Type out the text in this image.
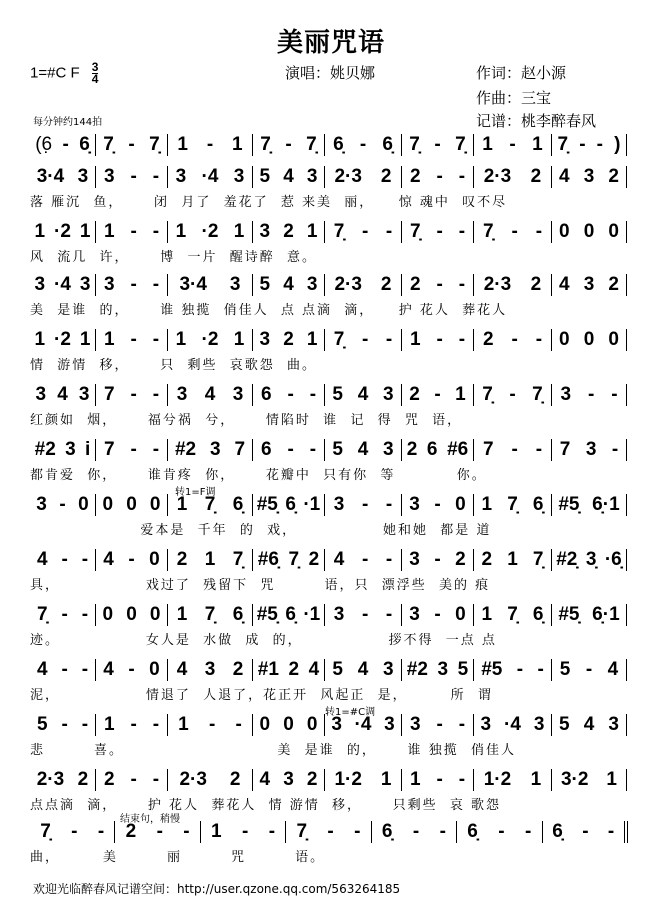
美丽咒语
1=#C F $\frac{3}{4}$	演唱：姚贝娜	作词：赵小源
作曲：三宝
记谱：桃李醉春风
每分钟约144拍
(6̣ - 6̣ 7̣ - 7̣ 1 - 1 7̣ - 7̣ 6̣ - 6̣ 7̣ - 7̣ 1 - 1 7̣ - - )
3·4 3 3 - - 3 ·4 3 5 4 3 2·3 2 2 - - 2·3 2 4 3 2
落 雁沉  鱼，     闭  月了  羞花了  惹 来美  丽，    惊 魂中  叹不尽
1 ·2 1 1 - - 1 ·2 1 3 2 1 7̣ - - 7̣ - - 7̣ - - 0 0 0
风  流几  许，     博  一片  醒诗醉  意。
3 ·4 3 3 - - 3·4 3 5 4 3 2·3 2 2 - - 2·3 2 4 3 2
美  是谁  的，     谁 独揽  俏佳人  点 点滴  滴，    护 花人  葬花人
1 ·2 1 1 - - 1 ·2 1 3 2 1 7̣ - - 1 - - 2 - - 0 0 0
情  游情  移，     只  剩些  哀歌怨  曲。
3 4 3 7 - - 3 4 3 6 - - 5 4 3 2 - 1 7̣ - 7̣ 3 - -
红颜如  烟，     福兮祸  兮，     情陷时  谁  记  得  咒  语，
#2 3 i 7 - - #2 3 7 6 - - 5 4 3 2 6 #6 7 - - 7 3 -
都肯爱  你，     谁肯疼  你，     花瓣中  只有你  等          你。
3 - 0 0 0 0 1 7̣ 6̣ #5̣ 6̣ ·1 3 - - 3 - 0 1 7̣ 6̣ #5̣ 6̣·1
爱本是  千年  的  戏，              她和她  都是 道
转1=F调
4 - - 4 - 0 2 1 7̣ #6̣ 7̣ 2 4 - - 3 - 2 2 1 7̣ #2̣ 3̣ ·6̣
具，              戏过了  残留下  咒        语，只  漂浮些  美的 痕
7̣ - - 0 0 0 1 7̣ 6̣ #5̣ 6̣ ·1 3 - - 3 - 0 1 7̣ 6̣ #5̣ 6̣·1
迹。              女人是  水做  成  的，              拶不得  一点 点
4 - - 4 - 0 4 3 2 #1 2 4 5 4 3 #2 3 5 #5 - - 5 - 4
泥，              情退了  人退了，花正开  风起正  是，       所  谓
5 - - 1 - - 1 - - 0 0 0 3 ·4 3 3 - - 3 ·4 3 5 4 3
悲        喜。                         美  是谁  的，     谁 独揽  俏佳人
转1=#C调
2·3 2 2 - - 2·3 2 4 3 2 1·2 1 1 - - 1·2 1 3·2 1
点点滴  滴，     护 花人  葬花人  情 游情  移，     只剩些  哀 歌怨
7̣ - - 2 - - 1 - - 7̣ - - 6̣ - - 6̣ - - 6̣ - -
曲，       美        丽        咒        语。
结束句，稍慢
欢迎光临醉春风记谱空间：http://user.qzone.qq.com/563264185
